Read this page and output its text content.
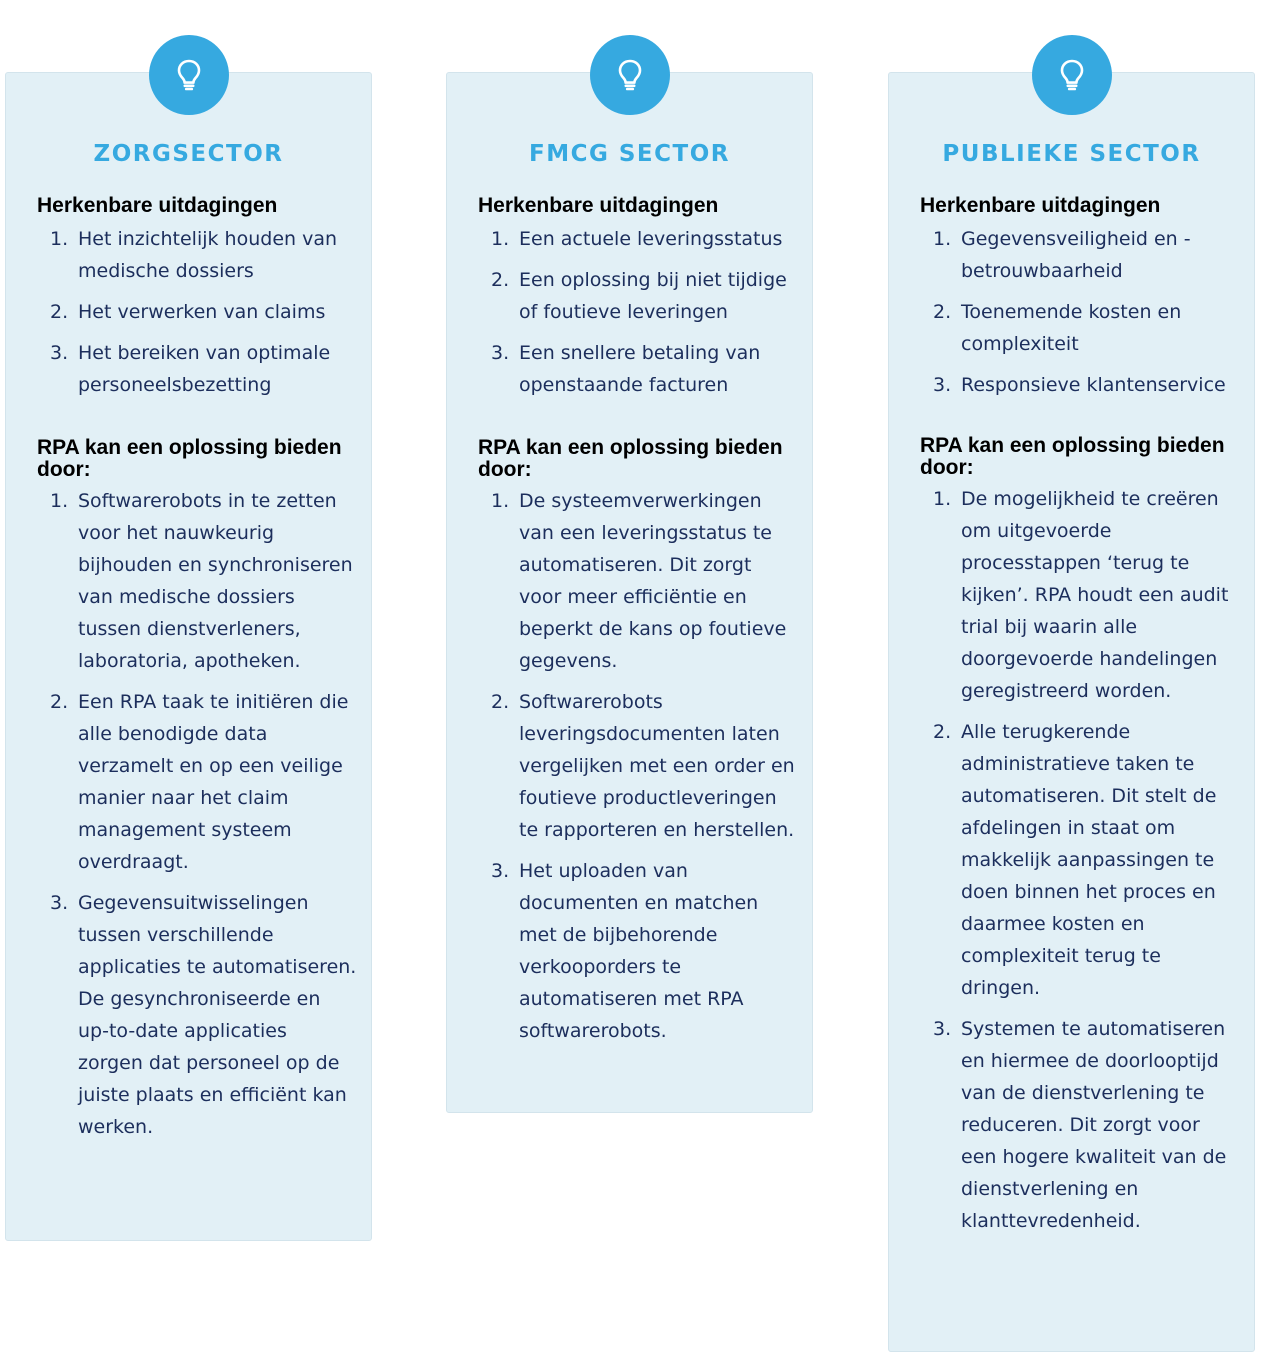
ZORGSECTOR
Herkenbare uitdagingen
1. Het inzichtelijk houden van medische dossiers
2. Het verwerken van claims
3. Het bereiken van optimale personeelsbezetting
RPA kan een oplossing bieden door:
1. Softwarerobots in te zetten voor het nauwkeurig bijhouden en synchroniseren van medische dossiers tussen dienstverleners, laboratoria, apotheken.
2. Een RPA taak te initiëren die alle benodigde data verzamelt en op een veilige manier naar het claim management systeem overdraagt.
3. Gegevensuitwisselingen tussen verschillende applicaties te automatiseren. De gesynchroniseerde en up-to-date applicaties zorgen dat personeel op de juiste plaats en efficiënt kan werken.
FMCG SECTOR
Herkenbare uitdagingen
1. Een actuele leveringsstatus
2. Een oplossing bij niet tijdige of foutieve leveringen
3. Een snellere betaling van openstaande facturen
RPA kan een oplossing bieden door:
1. De systeemverwerkingen van een leveringsstatus te automatiseren. Dit zorgt voor meer efficiëntie en beperkt de kans op foutieve gegevens.
2. Softwarerobots leveringsdocumenten laten vergelijken met een order en foutieve productleveringen te rapporteren en herstellen.
3. Het uploaden van documenten en matchen met de bijbehorende verkooporders te automatiseren met RPA softwarerobots.
PUBLIEKE SECTOR
Herkenbare uitdagingen
1. Gegevensveiligheid en -betrouwbaarheid
2. Toenemende kosten en complexiteit
3. Responsieve klantenservice
RPA kan een oplossing bieden door:
1. De mogelijkheid te creëren om uitgevoerde processtappen ‘terug te kijken’. RPA houdt een audit trial bij waarin alle doorgevoerde handelingen geregistreerd worden.
2. Alle terugkerende administratieve taken te automatiseren. Dit stelt de afdelingen in staat om makkelijk aanpassingen te doen binnen het proces en daarmee kosten en complexiteit terug te dringen.
3. Systemen te automatiseren en hiermee de doorlooptijd van de dienstverlening te reduceren. Dit zorgt voor een hogere kwaliteit van de dienstverlening en klanttevredenheid.
